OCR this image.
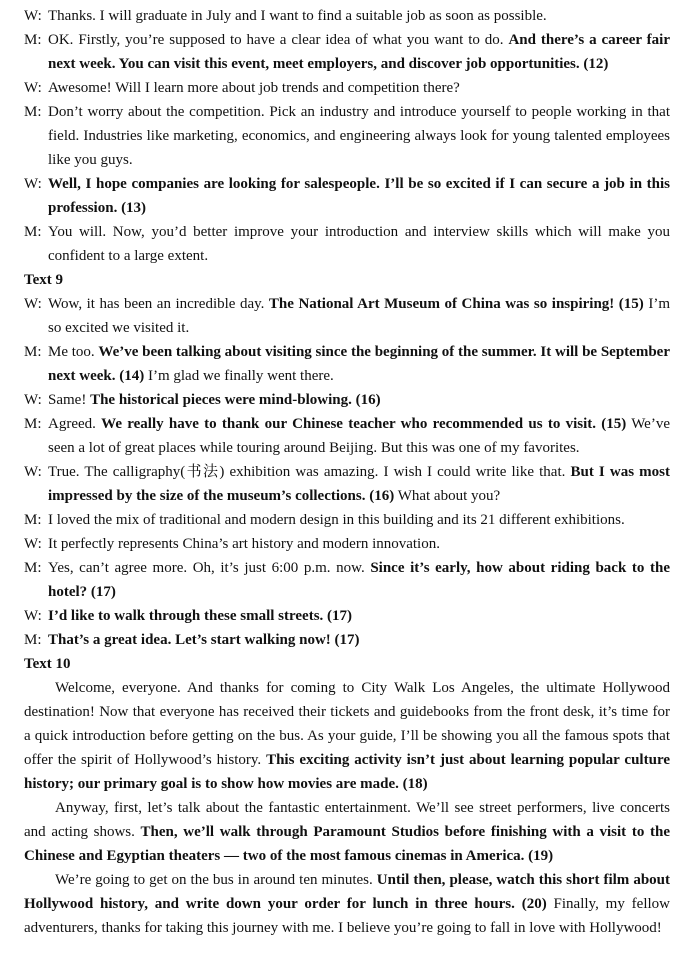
W: Thanks. I will graduate in July and I want to find a suitable job as soon as possible.
M: OK. Firstly, you’re supposed to have a clear idea of what you want to do. And there’s a career fair next week. You can visit this event, meet employers, and discover job opportunities. (12)
W: Awesome! Will I learn more about job trends and competition there?
M: Don’t worry about the competition. Pick an industry and introduce yourself to people working in that field. Industries like marketing, economics, and engineering always look for young talented employees like you guys.
W: Well, I hope companies are looking for salespeople. I’ll be so excited if I can secure a job in this profession. (13)
M: You will. Now, you’d better improve your introduction and interview skills which will make you confident to a large extent.
Text 9
W: Wow, it has been an incredible day. The National Art Museum of China was so inspiring! (15) I’m so excited we visited it.
M: Me too. We’ve been talking about visiting since the beginning of the summer. It will be September next week. (14) I’m glad we finally went there.
W: Same! The historical pieces were mind-blowing. (16)
M: Agreed. We really have to thank our Chinese teacher who recommended us to visit. (15) We’ve seen a lot of great places while touring around Beijing. But this was one of my favorites.
W: True. The calligraphy(书法) exhibition was amazing. I wish I could write like that. But I was most impressed by the size of the museum’s collections. (16) What about you?
M: I loved the mix of traditional and modern design in this building and its 21 different exhibitions.
W: It perfectly represents China’s art history and modern innovation.
M: Yes, can’t agree more. Oh, it’s just 6:00 p.m. now. Since it’s early, how about riding back to the hotel? (17)
W: I’d like to walk through these small streets. (17)
M: That’s a great idea. Let’s start walking now! (17)
Text 10
Welcome, everyone. And thanks for coming to City Walk Los Angeles, the ultimate Hollywood destination! Now that everyone has received their tickets and guidebooks from the front desk, it’s time for a quick introduction before getting on the bus. As your guide, I’ll be showing you all the famous spots that offer the spirit of Hollywood’s history. This exciting activity isn’t just about learning popular culture history; our primary goal is to show how movies are made. (18)
Anyway, first, let’s talk about the fantastic entertainment. We’ll see street performers, live concerts and acting shows. Then, we’ll walk through Paramount Studios before finishing with a visit to the Chinese and Egyptian theaters — two of the most famous cinemas in America. (19)
We’re going to get on the bus in around ten minutes. Until then, please, watch this short film about Hollywood history, and write down your order for lunch in three hours. (20) Finally, my fellow adventurers, thanks for taking this journey with me. I believe you’re going to fall in love with Hollywood!
